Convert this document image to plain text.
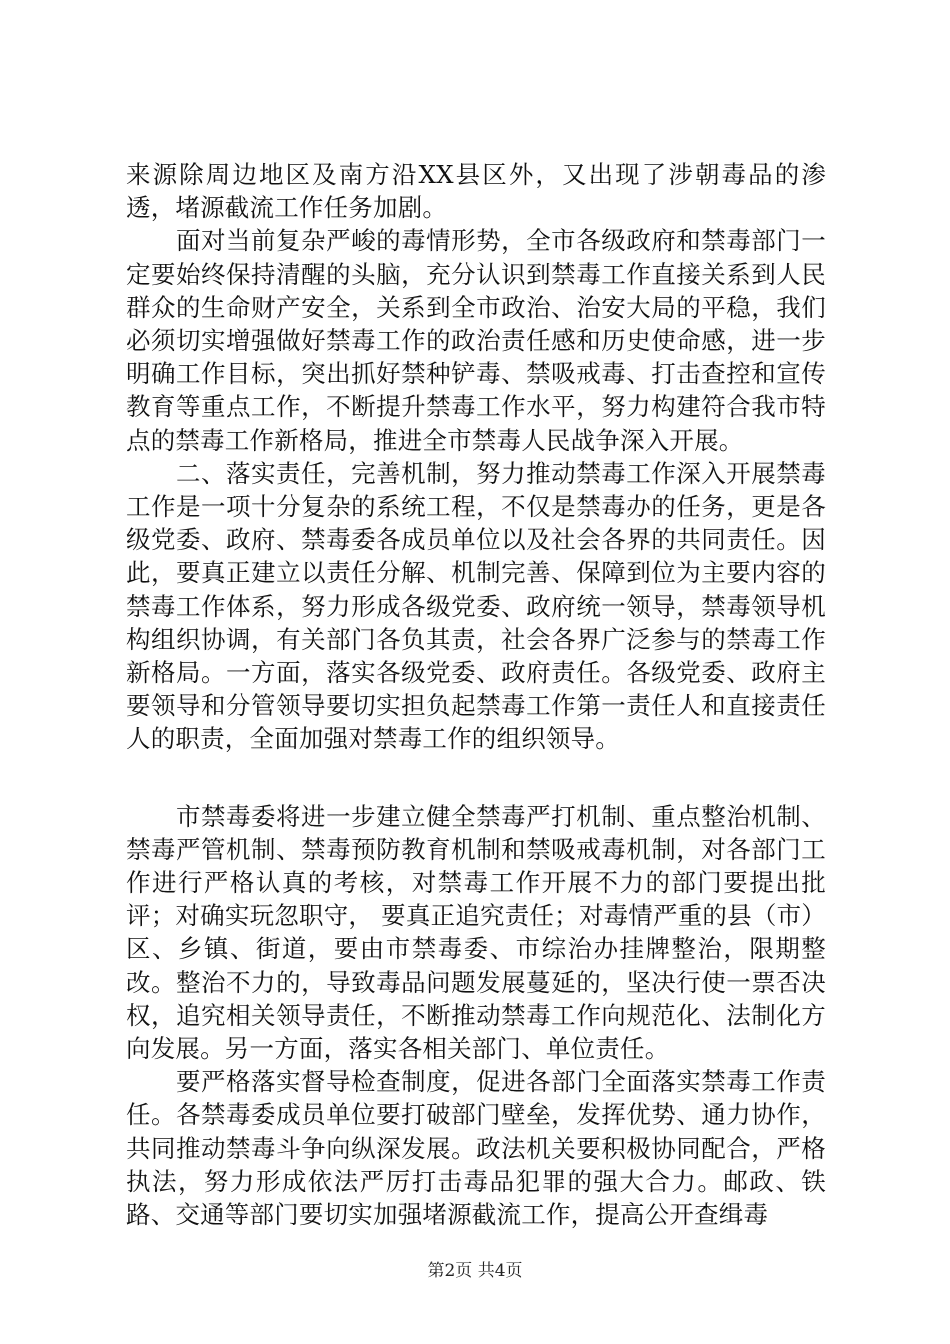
来源除周边地区及南方沿XX县区外，又出现了涉朝毒品的渗透，堵源截流工作任务加剧。

面对当前复杂严峻的毒情形势，全市各级政府和禁毒部门一定要始终保持清醒的头脑，充分认识到禁毒工作直接关系到人民群众的生命财产安全，关系到全市政治、治安大局的平稳，我们必须切实增强做好禁毒工作的政治责任感和历史使命感，进一步明确工作目标，突出抓好禁种铲毒、禁吸戒毒、打击查控和宣传教育等重点工作，不断提升禁毒工作水平，努力构建符合我市特点的禁毒工作新格局，推进全市禁毒人民战争深入开展。

二、落实责任，完善机制，努力推动禁毒工作深入开展禁毒工作是一项十分复杂的系统工程，不仅是禁毒办的任务，更是各级党委、政府、禁毒委各成员单位以及社会各界的共同责任。因此，要真正建立以责任分解、机制完善、保障到位为主要内容的禁毒工作体系，努力形成各级党委、政府统一领导，禁毒领导机构组织协调，有关部门各负其责，社会各界广泛参与的禁毒工作新格局。一方面，落实各级党委、政府责任。各级党委、政府主要领导和分管领导要切实担负起禁毒工作第一责任人和直接责任人的职责，全面加强对禁毒工作的组织领导。

市禁毒委将进一步建立健全禁毒严打机制、重点整治机制、禁毒严管机制、禁毒预防教育机制和禁吸戒毒机制，对各部门工作进行严格认真的考核，对禁毒工作开展不力的部门要提出批评；对确实玩忽职守， 要真正追究责任；对毒情严重的县（市）区、乡镇、街道，要由市禁毒委、市综治办挂牌整治，限期整改。整治不力的，导致毒品问题发展蔓延的，坚决行使一票否决权，追究相关领导责任，不断推动禁毒工作向规范化、法制化方向发展。另一方面，落实各相关部门、单位责任。

要严格落实督导检查制度，促进各部门全面落实禁毒工作责任。各禁毒委成员单位要打破部门壁垒，发挥优势、通力协作，共同推动禁毒斗争向纵深发展。政法机关要积极协同配合，严格执法，努力形成依法严厉打击毒品犯罪的强大合力。邮政、铁路、交通等部门要切实加强堵源截流工作，提高公开查缉毒

第2页 共4页
